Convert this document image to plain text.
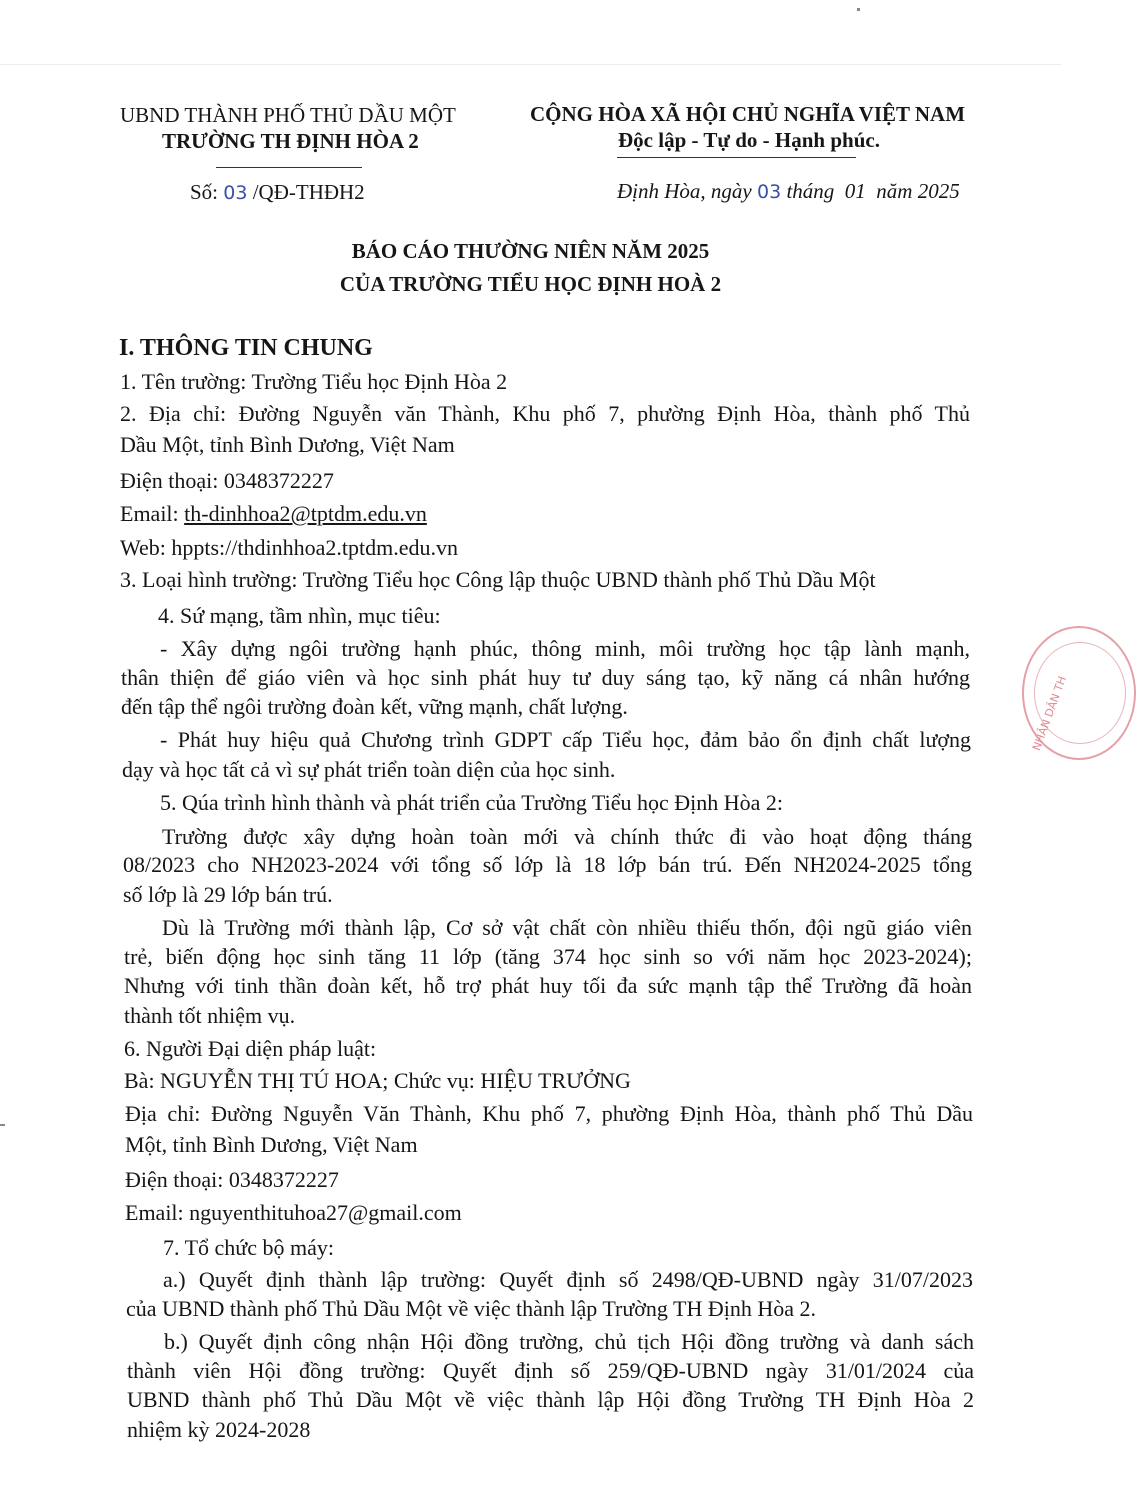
UBND THÀNH PHỐ THỦ DẦU MỘT
TRƯỜNG TH ĐỊNH HÒA 2
CỘNG HÒA XÃ HỘI CHỦ NGHĨA VIỆT NAM
Độc lập - Tự do - Hạnh phúc.
Số: 03 /QĐ-THĐH2	Định Hòa, ngày 03 tháng  01  năm 2025
BÁO CÁO THƯỜNG NIÊN NĂM 2025
CỦA TRƯỜNG TIỂU HỌC ĐỊNH HOÀ 2
I. THÔNG TIN CHUNG
1. Tên trường: Trường Tiểu học Định Hòa 2
2. Địa chỉ: Đường Nguyễn văn Thành, Khu phố 7, phường Định Hòa, thành phố Thủ
Dầu Một, tỉnh Bình Dương, Việt Nam
Điện thoại: 0348372227
Email: th-dinhhoa2@tptdm.edu.vn
Web: hppts://thdinhhoa2.tptdm.edu.vn
3. Loại hình trường: Trường Tiểu học Công lập thuộc UBND thành phố Thủ Dầu Một
4. Sứ mạng, tầm nhìn, mục tiêu:
- Xây dựng ngôi trường hạnh phúc, thông minh, môi trường học tập lành mạnh,
thân thiện để giáo viên và học sinh phát huy tư duy sáng tạo, kỹ năng cá nhân hướng
đến tập thể ngôi trường đoàn kết, vững mạnh, chất lượng.
- Phát huy hiệu quả Chương trình GDPT cấp Tiểu học, đảm bảo ổn định chất lượng
dạy và học tất cả vì sự phát triển toàn diện của học sinh.
5. Qúa trình hình thành và phát triển của Trường Tiểu học Định Hòa 2:
Trường được xây dựng hoàn toàn mới và chính thức đi vào hoạt động tháng
08/2023 cho NH2023-2024 với tổng số lớp là 18 lớp bán trú. Đến NH2024-2025 tổng
số lớp là 29 lớp bán trú.
Dù là Trường mới thành lập, Cơ sở vật chất còn nhiều thiếu thốn, đội ngũ giáo viên
trẻ, biến động học sinh tăng 11 lớp (tăng 374 học sinh so với năm học 2023-2024);
Nhưng với tinh thần đoàn kết, hỗ trợ phát huy tối đa sức mạnh tập thể Trường đã hoàn
thành tốt nhiệm vụ.
6. Người Đại diện pháp luật:
Bà: NGUYỄN THỊ TÚ HOA; Chức vụ: HIỆU TRƯỞNG
Địa chỉ: Đường Nguyễn Văn Thành, Khu phố 7, phường Định Hòa, thành phố Thủ Dầu
Một, tỉnh Bình Dương, Việt Nam
Điện thoại: 0348372227
Email: nguyenthituhoa27@gmail.com
7. Tổ chức bộ máy:
a.) Quyết định thành lập trường: Quyết định số 2498/QĐ-UBND ngày 31/07/2023
của UBND thành phố Thủ Dầu Một về việc thành lập Trường TH Định Hòa 2.
b.) Quyết định công nhận Hội đồng trường, chủ tịch Hội đồng trường và danh sách
thành viên Hội đồng trường: Quyết định số 259/QĐ-UBND ngày 31/01/2024 của
UBND thành phố Thủ Dầu Một về việc thành lập Hội đồng Trường TH Định Hòa 2
nhiệm kỳ 2024-2028
NHÂN DÂN TH
